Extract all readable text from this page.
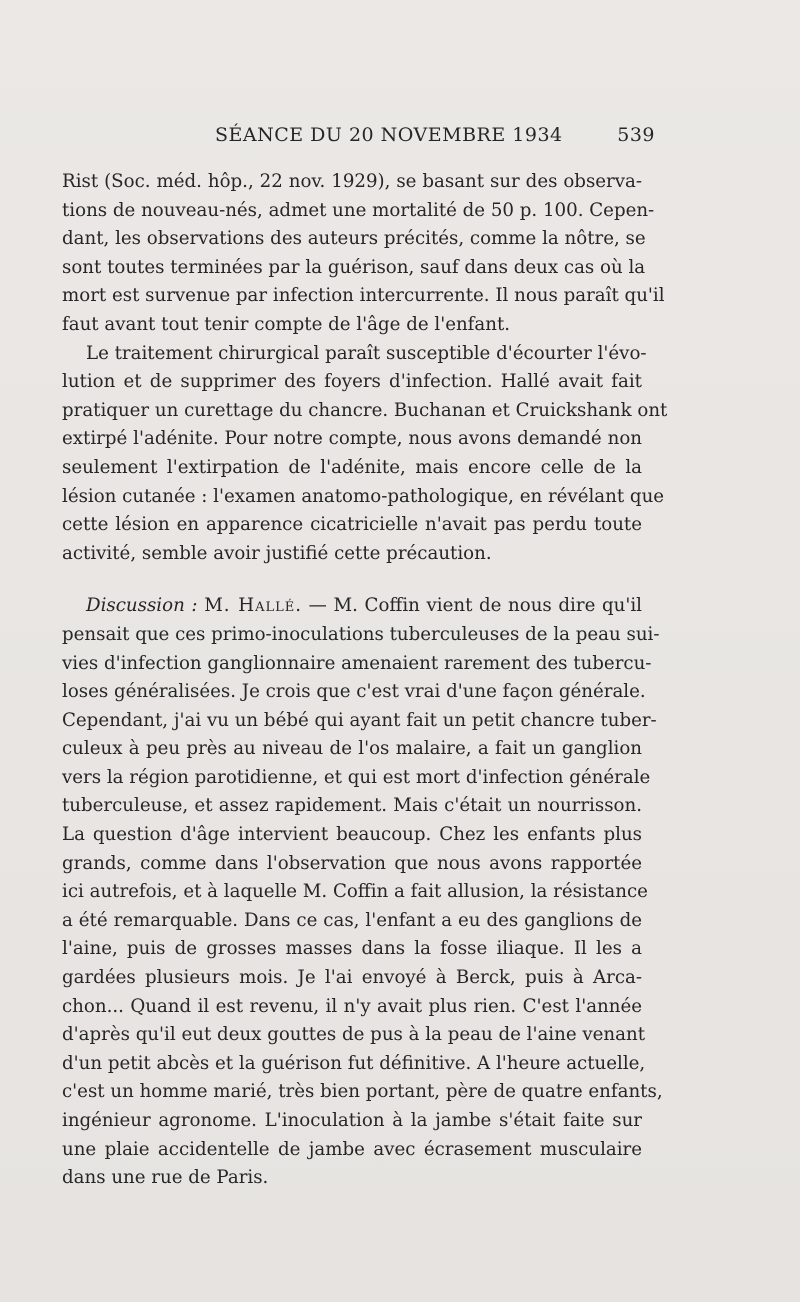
SÉANCE DU 20 NOVEMBRE 1934	539
Rist (Soc. méd. hôp., 22 nov. 1929), se basant sur des observa-
tions de nouveau-nés, admet une mortalité de 50 p. 100. Cepen-
dant, les observations des auteurs précités, comme la nôtre, se
sont toutes terminées par la guérison, sauf dans deux cas où la
mort est survenue par infection intercurrente. Il nous paraît qu'il
faut avant tout tenir compte de l'âge de l'enfant.
Le traitement chirurgical paraît susceptible d'écourter l'évo-
lution et de supprimer des foyers d'infection. Hallé avait fait
pratiquer un curettage du chancre. Buchanan et Cruickshank ont
extirpé l'adénite. Pour notre compte, nous avons demandé non
seulement l'extirpation de l'adénite, mais encore celle de la
lésion cutanée : l'examen anatomo-pathologique, en révélant que
cette lésion en apparence cicatricielle n'avait pas perdu toute
activité, semble avoir justifié cette précaution.
Discussion : M. Hallé. — M. Coffin vient de nous dire qu'il
pensait que ces primo-inoculations tuberculeuses de la peau sui-
vies d'infection ganglionnaire amenaient rarement des tubercu-
loses généralisées. Je crois que c'est vrai d'une façon générale.
Cependant, j'ai vu un bébé qui ayant fait un petit chancre tuber-
culeux à peu près au niveau de l'os malaire, a fait un ganglion
vers la région parotidienne, et qui est mort d'infection générale
tuberculeuse, et assez rapidement. Mais c'était un nourrisson.
La question d'âge intervient beaucoup. Chez les enfants plus
grands, comme dans l'observation que nous avons rapportée
ici autrefois, et à laquelle M. Coffin a fait allusion, la résistance
a été remarquable. Dans ce cas, l'enfant a eu des ganglions de
l'aine, puis de grosses masses dans la fosse iliaque. Il les a
gardées plusieurs mois. Je l'ai envoyé à Berck, puis à Arca-
chon... Quand il est revenu, il n'y avait plus rien. C'est l'année
d'après qu'il eut deux gouttes de pus à la peau de l'aine venant
d'un petit abcès et la guérison fut définitive. A l'heure actuelle,
c'est un homme marié, très bien portant, père de quatre enfants,
ingénieur agronome. L'inoculation à la jambe s'était faite sur
une plaie accidentelle de jambe avec écrasement musculaire
dans une rue de Paris.
